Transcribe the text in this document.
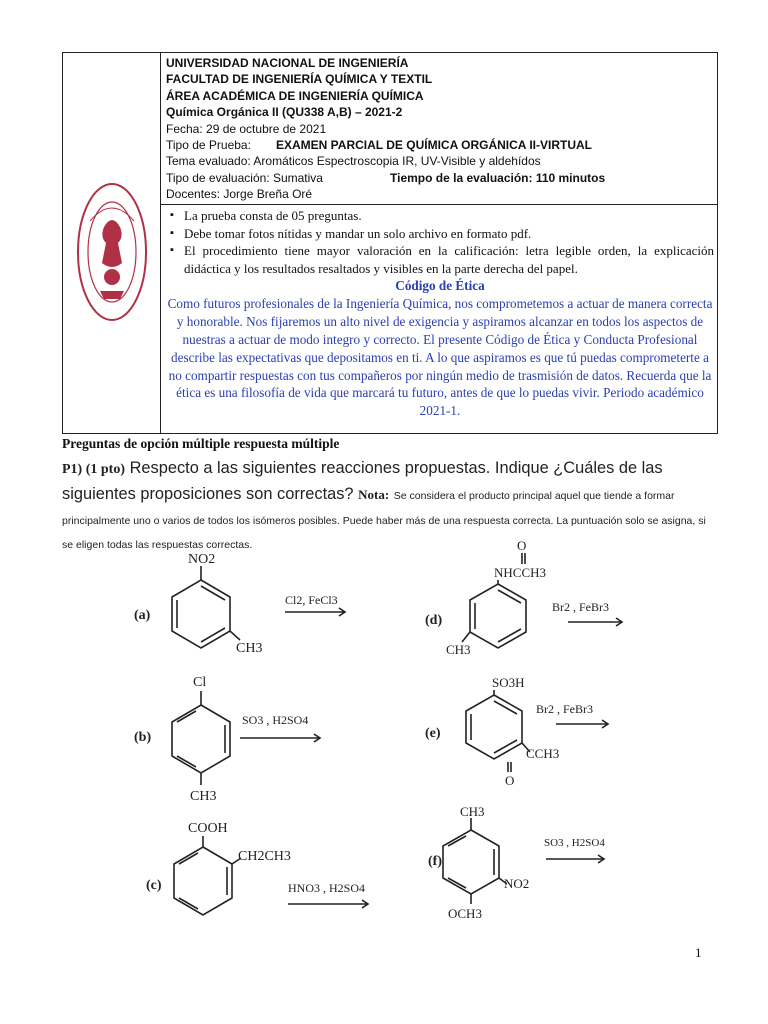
UNIVERSIDAD NACIONAL DE INGENIERÍA
FACULTAD DE INGENIERÍA QUÍMICA Y TEXTIL
ÁREA ACADÉMICA DE INGENIERÍA QUÍMICA
Química Orgánica II (QU338 A,B) – 2021-2
Fecha: 29 de octubre de 2021
Tipo de Prueba: EXAMEN PARCIAL DE QUÍMICA ORGÁNICA II-VIRTUAL
Tema evaluado: Aromáticos Espectroscopia IR, UV-Visible y aldehídos
Tipo de evaluación: Sumativa	Tiempo de la evaluación: 110 minutos
Docentes: Jorge Breña Oré
▪ La prueba consta de 05 preguntas.
▪ Debe tomar fotos nítidas y mandar un solo archivo en formato pdf.
▪ El procedimiento tiene mayor valoración en la calificación: letra legible orden, la explicación didáctica y los resultados resaltados y visibles en la parte derecha del papel.
Código de Ética
Como futuros profesionales de la Ingeniería Química, nos comprometemos a actuar de manera correcta y honorable. Nos fijaremos un alto nivel de exigencia y aspiramos alcanzar en todos los aspectos de nuestras a actuar de modo integro y correcto. El presente Código de Ética y Conducta Profesional describe las expectativas que depositamos en ti. A lo que aspiramos es que tú puedas comprometerte a no compartir respuestas con tus compañeros por ningún medio de trasmisión de datos. Recuerda que la ética es una filosofía de vida que marcará tu futuro, antes de que lo puedas vivir. Periodo académico 2021-1.
Preguntas de opción múltiple respuesta múltiple
P1) (1 pto) Respecto a las siguientes reacciones propuestas. Indique ¿Cuáles de las siguientes proposiciones son correctas? Nota: Se considera el producto principal aquel que tiende a formar principalmente uno o varios de todos los isómeros posibles. Puede haber más de una respuesta correcta. La puntuación solo se asigna, si se eligen todas las respuestas correctas.
(a)
NO2
CH3
Cl2, FeCl3
(b)
Cl
CH3
SO3 , H2SO4
(c)
COOH
CH2CH3
HNO3 , H2SO4
(d)
O
NHCCH3
CH3
Br2 , FeBr3
(e)
SO3H
CCH3
O
Br2 , FeBr3
(f)
CH3
NO2
OCH3
SO3 , H2SO4
1
